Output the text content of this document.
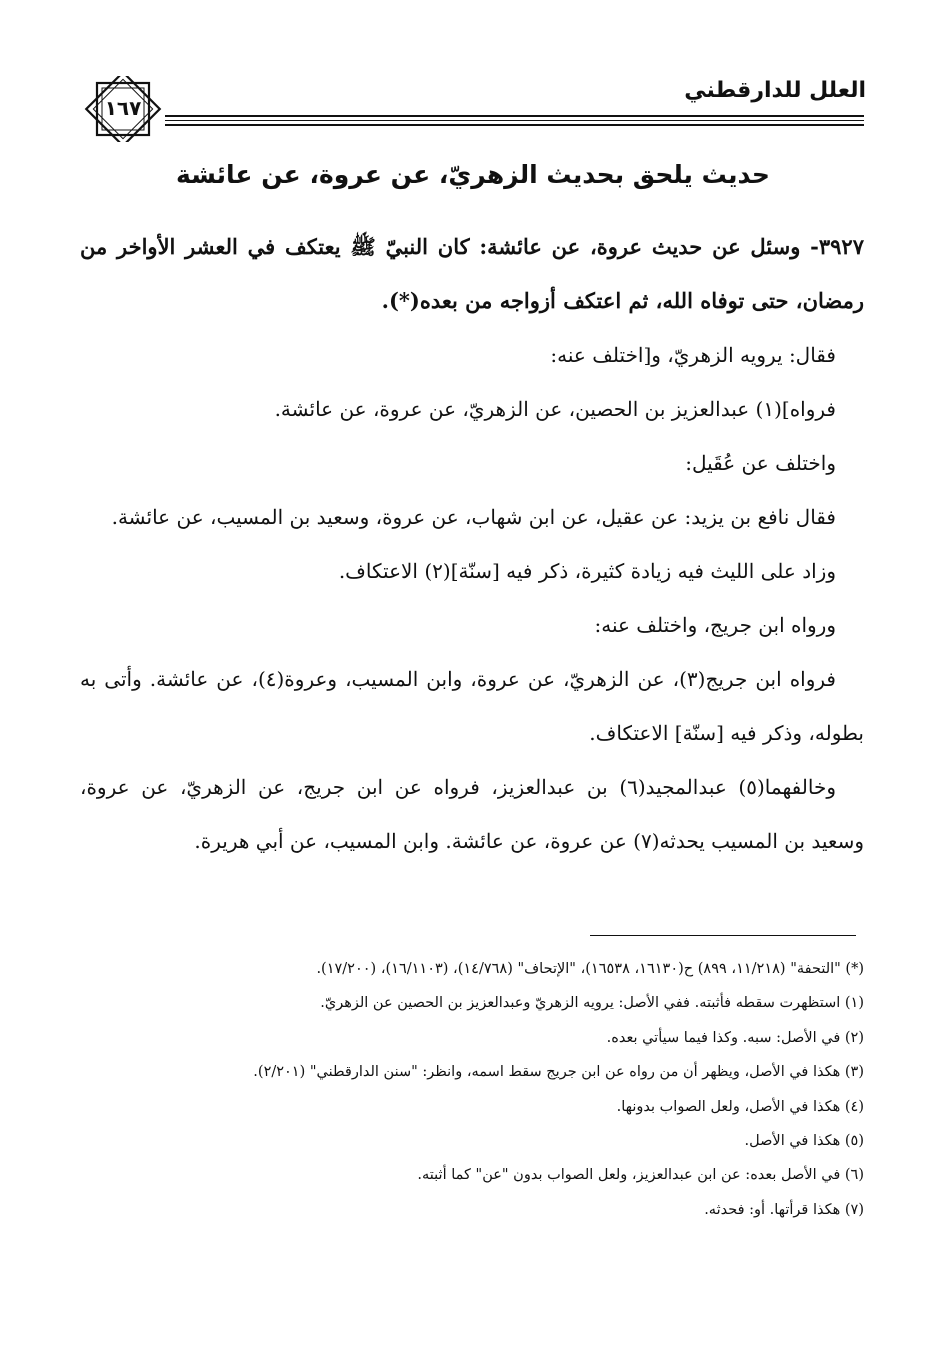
العلل للدارقطني
١٦٧
حديث يلحق بحديث الزهريّ، عن عروة، عن عائشة

٣٩٢٧- وسئل عن حديث عروة، عن عائشة: كان النبيّ ﷺ يعتكف في العشر الأواخر من رمضان، حتى توفاه الله، ثم اعتكف أزواجه من بعده(*).

فقال: يرويه الزهريّ، و[اختلف عنه:

فرواه](١) عبدالعزيز بن الحصين، عن الزهريّ، عن عروة، عن عائشة.

واختلف عن عُقَيل:

فقال نافع بن يزيد: عن عقيل، عن ابن شهاب، عن عروة، وسعيد بن المسيب، عن عائشة.

وزاد على الليث فيه زيادة كثيرة، ذكر فيه [سنّة](٢) الاعتكاف.

ورواه ابن جريج، واختلف عنه:

فرواه ابن جريج(٣)، عن الزهريّ، عن عروة، وابن المسيب، وعروة(٤)، عن عائشة. وأتى به بطوله، وذكر فيه [سنّة] الاعتكاف.

وخالفهما(٥) عبدالمجيد(٦) بن عبدالعزيز، فرواه عن ابن جريج، عن الزهريّ، عن عروة، وسعيد بن المسيب يحدثه(٧) عن عروة، عن عائشة. وابن المسيب، عن أبي هريرة.

(*) "التحفة" (١١/٢١٨، ٨٩٩) ح(١٦١٣٠، ١٦٥٣٨)، "الإتحاف" (١٤/٧٦٨)، (١٦/١١٠٣)، (١٧/٢٠٠).
(١) استظهرت سقطه فأثبته. ففي الأصل: يرويه الزهريّ وعبدالعزيز بن الحصين عن الزهريّ.
(٢) في الأصل: سبه. وكذا فيما سيأتي بعده.
(٣) هكذا في الأصل، ويظهر أن من رواه عن ابن جريج سقط اسمه، وانظر: "سنن الدارقطني" (٢/٢٠١).
(٤) هكذا في الأصل، ولعل الصواب بدونها.
(٥) هكذا في الأصل.
(٦) في الأصل بعده: عن ابن عبدالعزيز، ولعل الصواب بدون "عن" كما أثبته.
(٧) هكذا قرأتها. أو: فحدثه.
